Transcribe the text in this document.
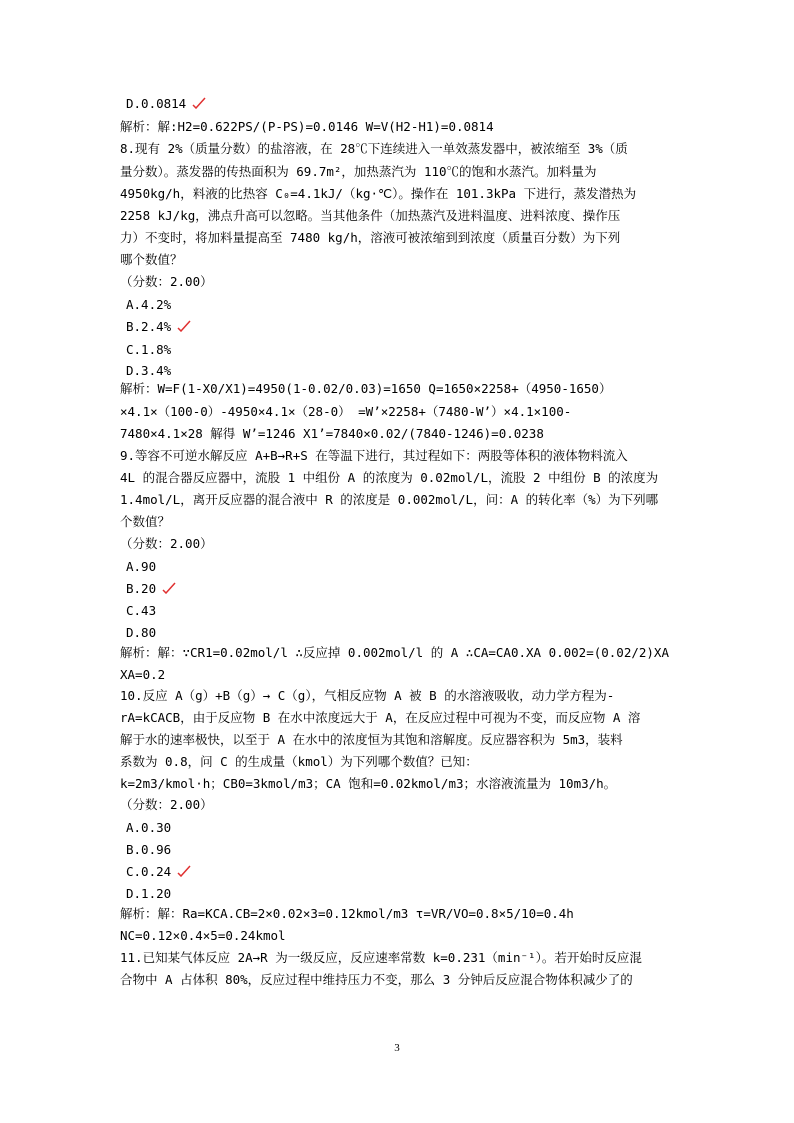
D.0.0814
解析：解:H2=0.622PS/(P-PS)=0.0146 W=V(H2-H1)=0.0814
8.现有 2%（质量分数）的盐溶液，在 28℃下连续进入一单效蒸发器中，被浓缩至 3%（质
量分数）。蒸发器的传热面积为 69.7m²，加热蒸汽为 110℃的饱和水蒸汽。加料量为
4950kg/h，料液的比热容 C₀=4.1kJ/（kg·℃）。操作在 101.3kPa 下进行，蒸发潜热为
2258 kJ/kg，沸点升高可以忽略。当其他条件（加热蒸汽及进料温度、进料浓度、操作压
力）不变时，将加料量提高至 7480 kg/h，溶液可被浓缩到到浓度（质量百分数）为下列
哪个数值？
（分数：2.00）
A.4.2%
B.2.4%
C.1.8%
D.3.4%
解析：W=F(1-X0/X1)=4950(1-0.02/0.03)=1650 Q=1650×2258+（4950-1650）
×4.1×（100-0）-4950×4.1×（28-0） =W’×2258+（7480-W’）×4.1×100-
7480×4.1×28 解得 W’=1246 X1’=7840×0.02/(7840-1246)=0.0238
9.等容不可逆水解反应 A+B→R+S 在等温下进行，其过程如下：两股等体积的液体物料流入
4L 的混合器反应器中，流股 1 中组份 A 的浓度为 0.02mol/L，流股 2 中组份 B 的浓度为
1.4mol/L，离开反应器的混合液中 R 的浓度是 0.002mol/L，问：A 的转化率（%）为下列哪
个数值？
（分数：2.00）
A.90
B.20
C.43
D.80
解析：解：∵CR1=0.02mol/l ∴反应掉 0.002mol/l 的 A ∴CA=CA0.XA 0.002=(0.02/2)XA
XA=0.2
10.反应 A（g）+B（g）→ C（g），气相反应物 A 被 B 的水溶液吸收，动力学方程为-
rA=kCACB，由于反应物 B 在水中浓度远大于 A，在反应过程中可视为不变，而反应物 A 溶
解于水的速率极快，以至于 A 在水中的浓度恒为其饱和溶解度。反应器容积为 5m3，装料
系数为 0.8，问 C 的生成量（kmol）为下列哪个数值？已知：
k=2m3/kmol·h；CB0=3kmol/m3；CA 饱和=0.02kmol/m3；水溶液流量为 10m3/h。
（分数：2.00）
A.0.30
B.0.96
C.0.24
D.1.20
解析：解：Ra=KCA.CB=2×0.02×3=0.12kmol/m3 τ=VR/VO=0.8×5/10=0.4h
NC=0.12×0.4×5=0.24kmol
11.已知某气体反应 2A→R 为一级反应，反应速率常数 k=0.231（min⁻¹）。若开始时反应混
合物中 A 占体积 80%，反应过程中维持压力不变，那么 3 分钟后反应混合物体积减少了的
3
